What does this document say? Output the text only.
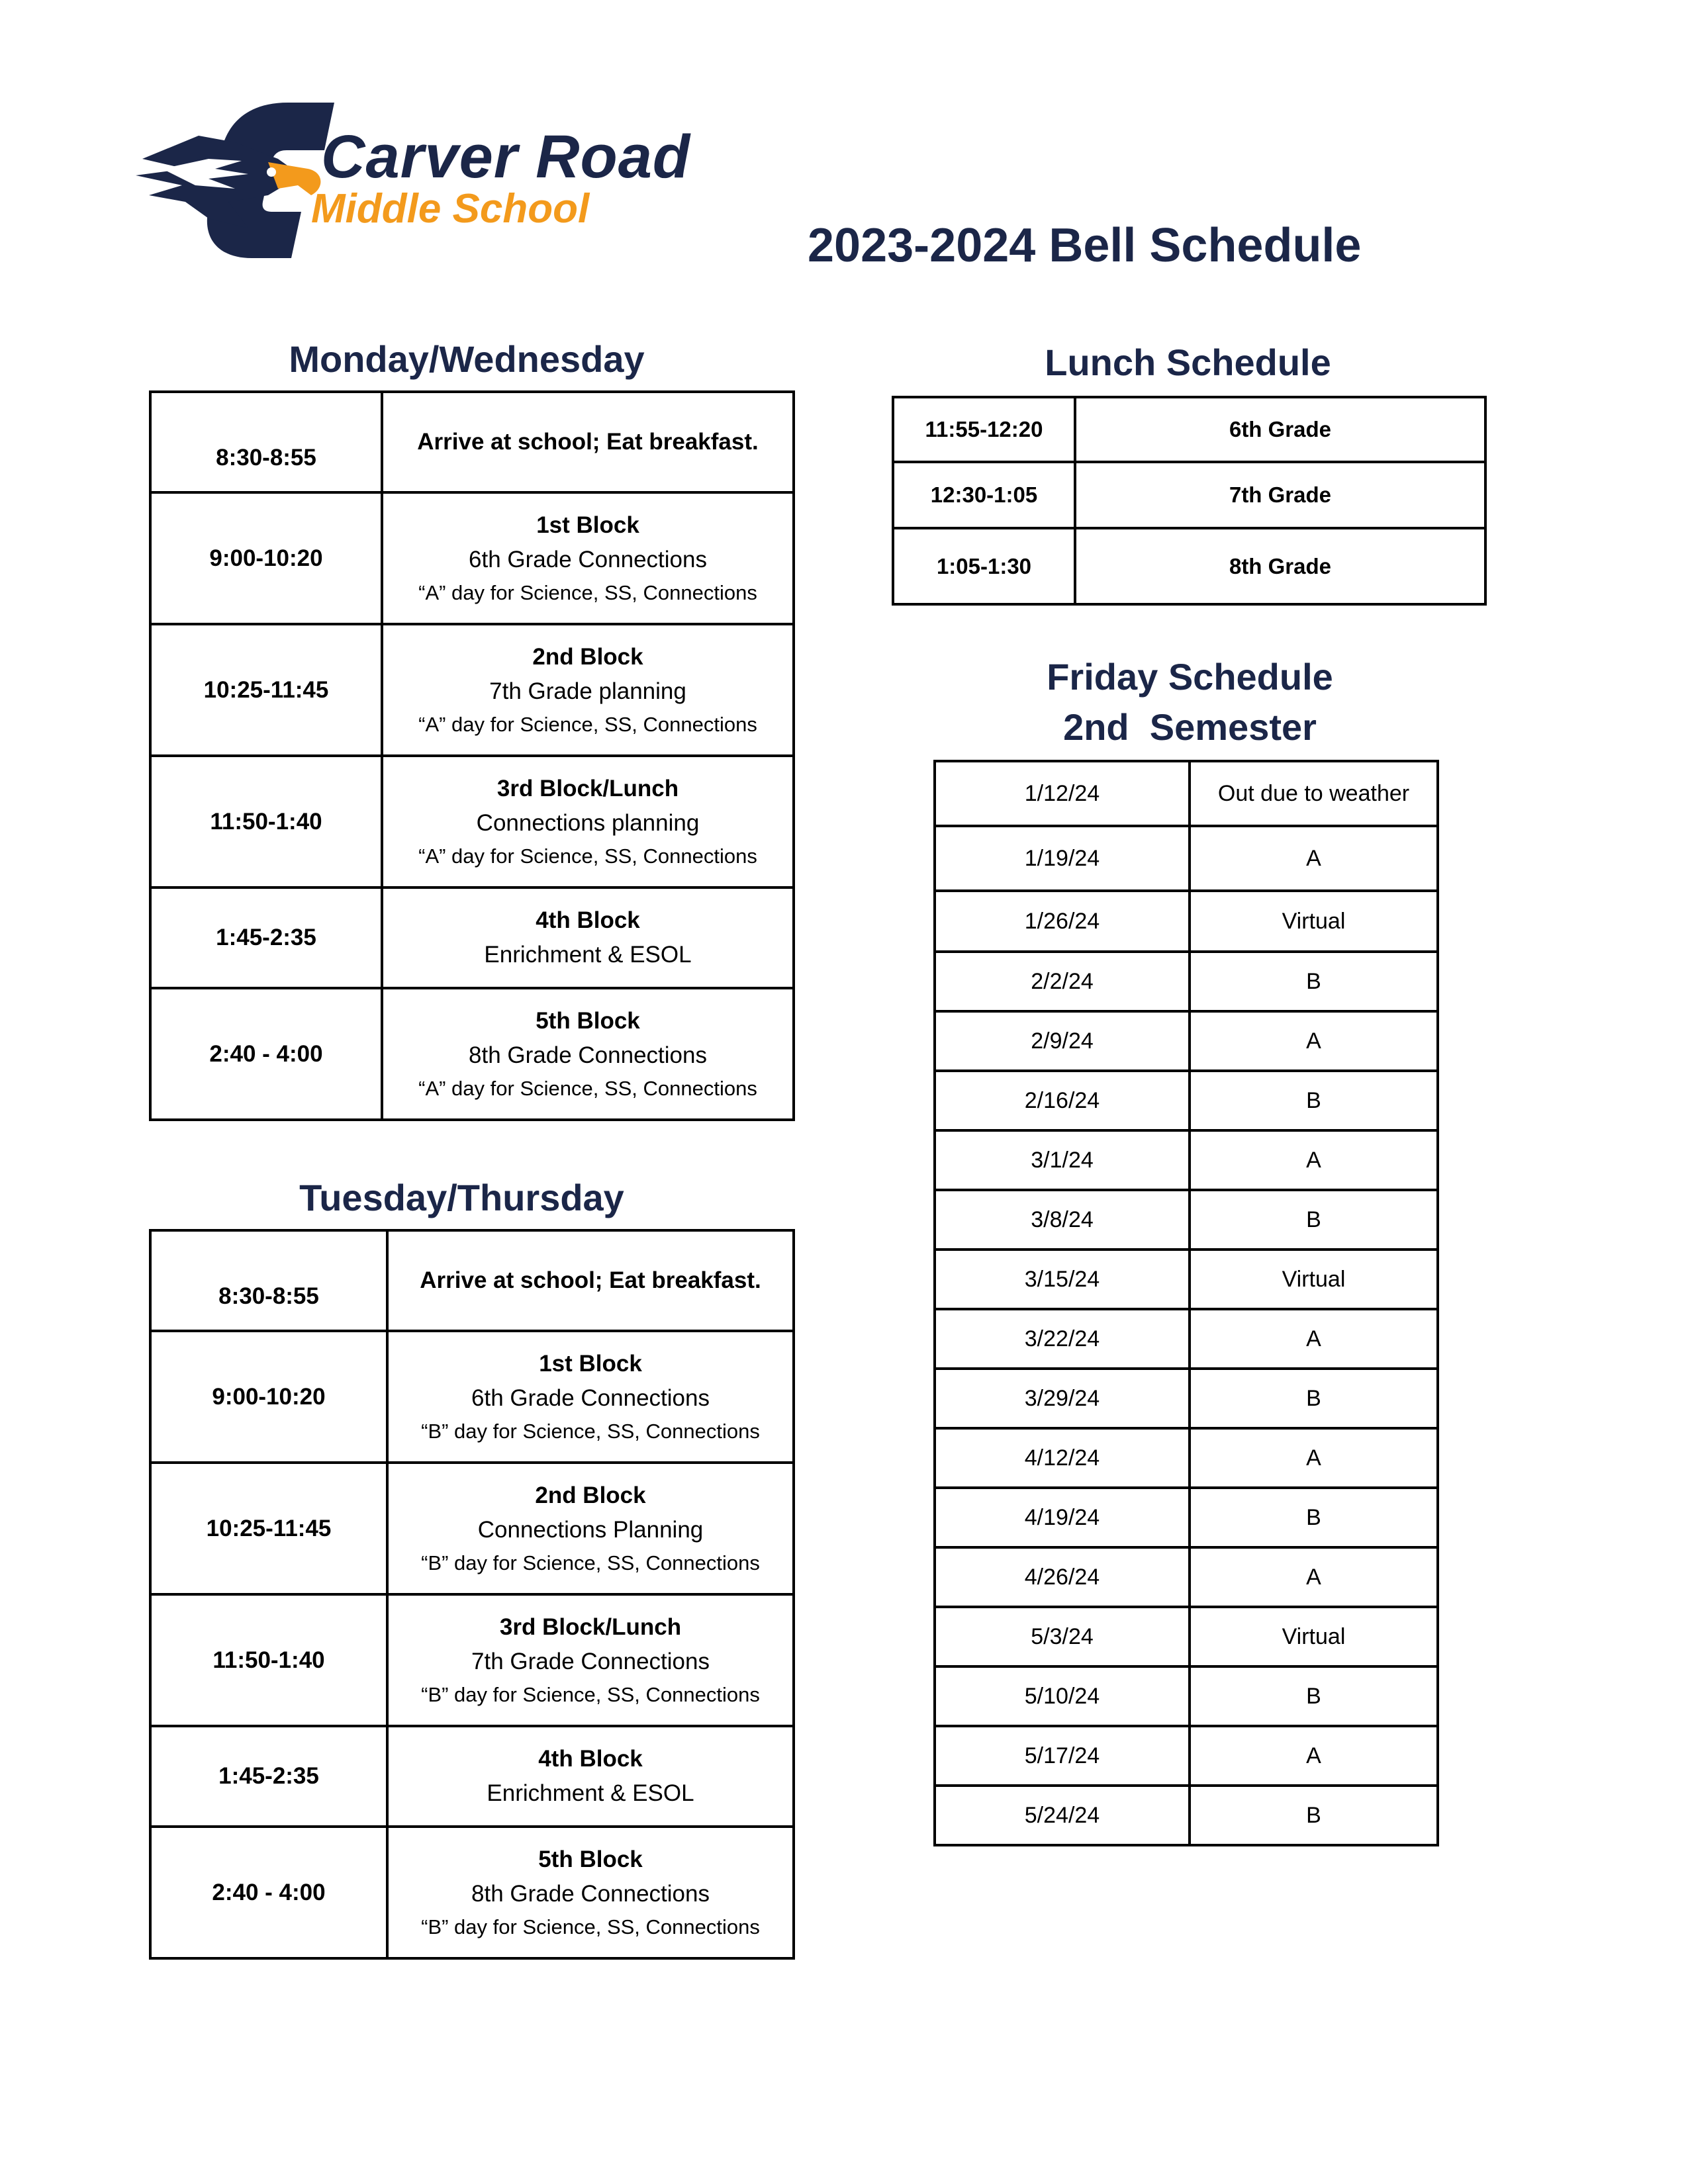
Carver Road
Middle School
2023-2024 Bell Schedule
Monday/Wednesday
8:30-8:55	Arrive at school; Eat breakfast.

9:00-10:20	1st Block
6th Grade Connections
“A” day for Science, SS, Connections

10:25-11:45	2nd Block
7th Grade planning
“A” day for Science, SS, Connections

11:50-1:40	3rd Block/Lunch
Connections planning
“A” day for Science, SS, Connections

1:45-2:35	4th Block
Enrichment & ESOL

2:40 - 4:00	5th Block
8th Grade Connections
“A” day for Science, SS, Connections
Tuesday/Thursday
8:30-8:55	Arrive at school; Eat breakfast.

9:00-10:20	1st Block
6th Grade Connections
“B” day for Science, SS, Connections

10:25-11:45	2nd Block
Connections Planning
“B” day for Science, SS, Connections

11:50-1:40	3rd Block/Lunch
7th Grade Connections
“B” day for Science, SS, Connections

1:45-2:35	4th Block
Enrichment & ESOL

2:40 - 4:00	5th Block
8th Grade Connections
“B” day for Science, SS, Connections
Lunch Schedule
11:55-12:20	6th Grade
12:30-1:05	7th Grade
1:05-1:30	8th Grade
Friday Schedule
2nd  Semester
1/12/24	Out due to weather
1/19/24	A
1/26/24	Virtual
2/2/24	B
2/9/24	A
2/16/24	B
3/1/24	A
3/8/24	B
3/15/24	Virtual
3/22/24	A
3/29/24	B
4/12/24	A
4/19/24	B
4/26/24	A
5/3/24	Virtual
5/10/24	B
5/17/24	A
5/24/24	B
